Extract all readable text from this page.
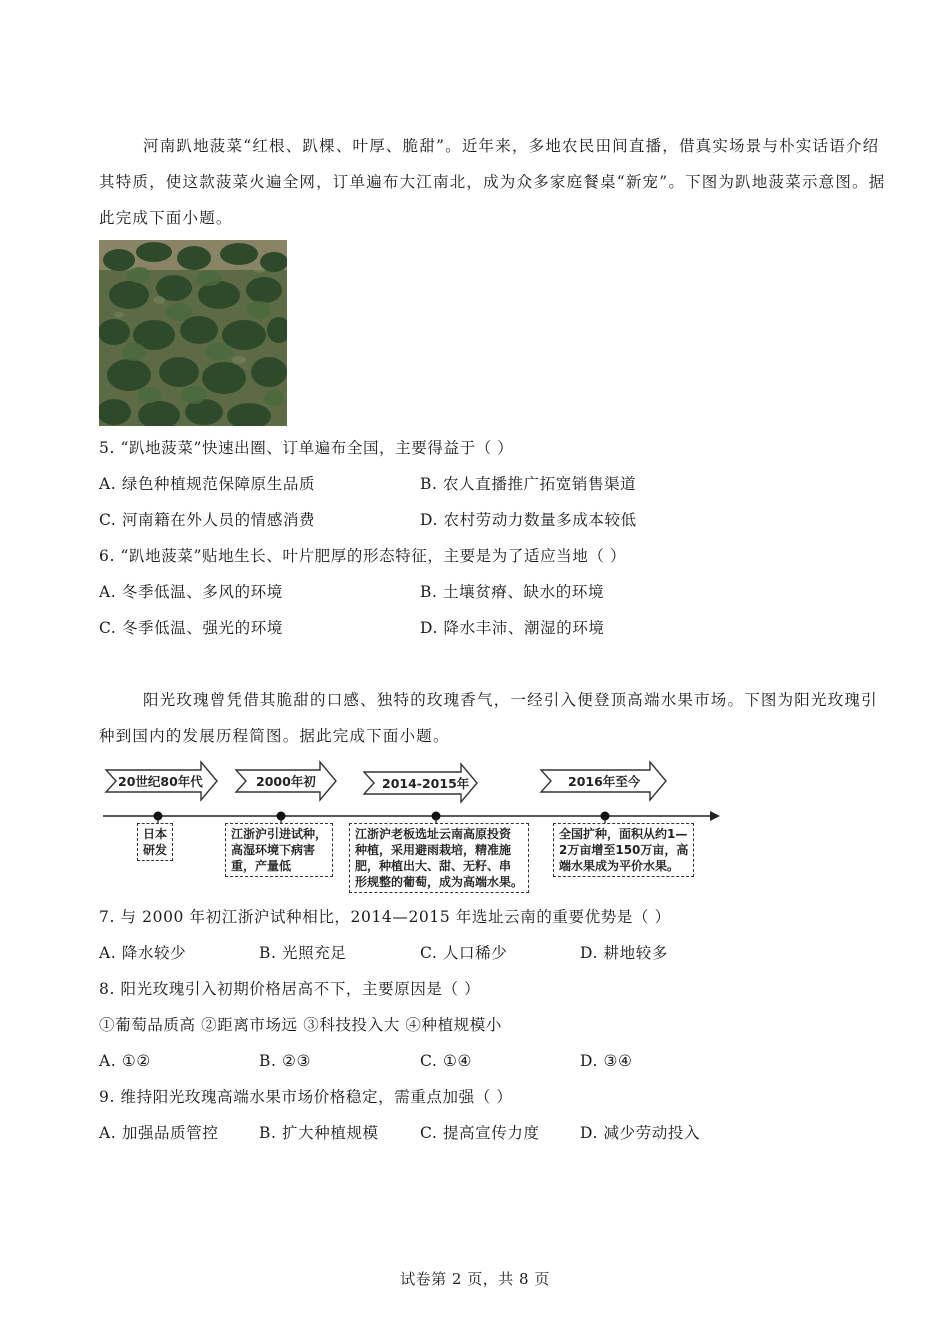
河南趴地菠菜“红根、趴棵、叶厚、脆甜”。近年来，多地农民田间直播，借真实场景与朴实话语介绍
其特质，使这款菠菜火遍全网，订单遍布大江南北，成为众多家庭餐桌“新宠”。下图为趴地菠菜示意图。据
此完成下面小题。
5. “趴地菠菜”快速出圈、订单遍布全国，主要得益于（ ）
A. 绿色种植规范保障原生品质	B. 农人直播推广拓宽销售渠道
C. 河南籍在外人员的情感消费	D. 农村劳动力数量多成本较低
6. “趴地菠菜”贴地生长、叶片肥厚的形态特征，主要是为了适应当地（ ）
A. 冬季低温、多风的环境	B. 土壤贫瘠、缺水的环境
C. 冬季低温、强光的环境	D. 降水丰沛、潮湿的环境
阳光玫瑰曾凭借其脆甜的口感、独特的玫瑰香气，一经引入便登顶高端水果市场。下图为阳光玫瑰引
种到国内的发展历程简图。据此完成下面小题。
20世纪80年代	2000年初	2014-2015年	2016年至今
日本
研发
江浙沪引进试种，
高湿环境下病害
重，产量低
江浙沪老板选址云南高原投资
种植，采用避雨栽培，精准施
肥，种植出大、甜、无籽、串
形规整的葡萄，成为高端水果。
全国扩种，面积从约1—
2万亩增至150万亩，高
端水果成为平价水果。
7. 与 2000 年初江浙沪试种相比，2014—2015 年选址云南的重要优势是（ ）
A. 降水较少	B. 光照充足	C. 人口稀少	D. 耕地较多
8. 阳光玫瑰引入初期价格居高不下，主要原因是（ ）
①葡萄品质高 ②距离市场远 ③科技投入大 ④种植规模小
A. ①②	B. ②③	C. ①④	D. ③④
9. 维持阳光玫瑰高端水果市场价格稳定，需重点加强（ ）
A. 加强品质管控	B. 扩大种植规模	C. 提高宣传力度	D. 减少劳动投入
试卷第 2 页，共 8 页
